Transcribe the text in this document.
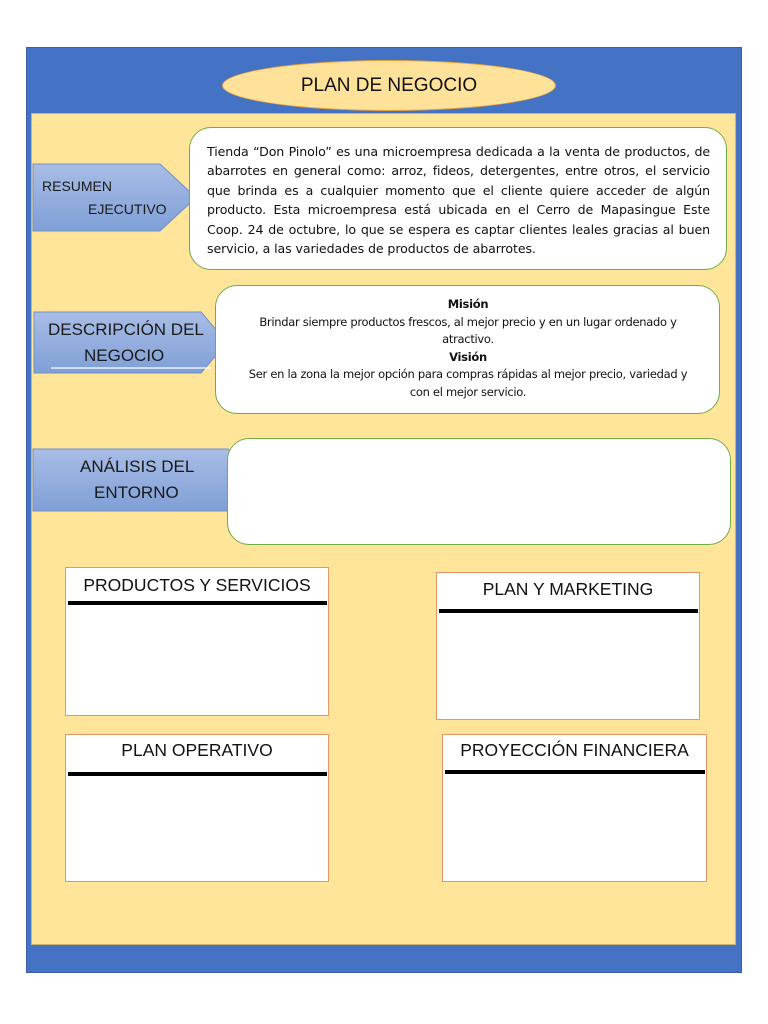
PLAN DE NEGOCIO
RESUMEN
EJECUTIVO
Tienda “Don Pinolo” es una microempresa dedicada a la venta de productos, de abarrotes en general como: arroz, fideos, detergentes, entre otros, el servicio que brinda es a cualquier momento que el cliente quiere acceder de algún producto. Esta microempresa está ubicada en el Cerro de Mapasingue Este Coop. 24 de octubre, lo que se espera es captar clientes leales gracias al buen servicio, a las variedades de productos de abarrotes.
DESCRIPCIÓN DEL
NEGOCIO
Misión
Brindar siempre productos frescos, al mejor precio y en un lugar ordenado y atractivo.
Visión
Ser en la zona la mejor opción para compras rápidas al mejor precio, variedad y con el mejor servicio.
ANÁLISIS DEL
ENTORNO
PRODUCTOS Y SERVICIOS	PLAN Y MARKETING
PLAN OPERATIVO	PROYECCIÓN FINANCIERA
